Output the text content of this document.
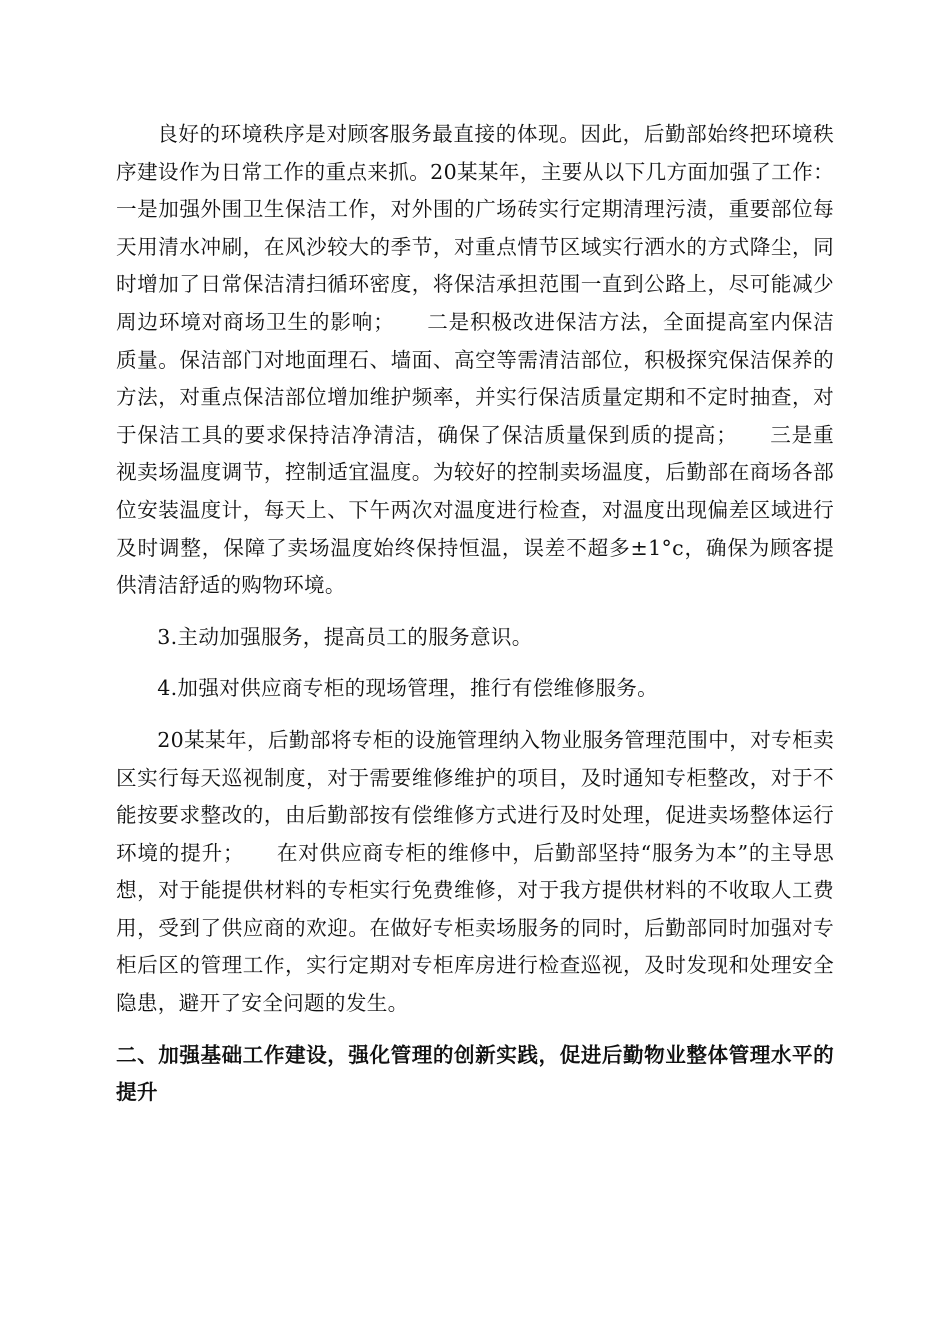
良好的环境秩序是对顾客服务最直接的体现。因此，后勤部始终把环境秩序建设作为日常工作的重点来抓。20某某年，主要从以下几方面加强了工作：一是加强外围卫生保洁工作，对外围的广场砖实行定期清理污渍，重要部位每天用清水冲刷，在风沙较大的季节，对重点情节区域实行洒水的方式降尘，同时增加了日常保洁清扫循环密度，将保洁承担范围一直到公路上，尽可能减少周边环境对商场卫生的影响；　　二是积极改进保洁方法，全面提高室内保洁质量。保洁部门对地面理石、墙面、高空等需清洁部位，积极探究保洁保养的方法，对重点保洁部位增加维护频率，并实行保洁质量定期和不定时抽查，对于保洁工具的要求保持洁净清洁，确保了保洁质量保到质的提高；　　三是重视卖场温度调节，控制适宜温度。为较好的控制卖场温度，后勤部在商场各部位安装温度计，每天上、下午两次对温度进行检查，对温度出现偏差区域进行及时调整，保障了卖场温度始终保持恒温，误差不超多±1°c，确保为顾客提供清洁舒适的购物环境。

3.主动加强服务，提高员工的服务意识。

4.加强对供应商专柜的现场管理，推行有偿维修服务。

20某某年，后勤部将专柜的设施管理纳入物业服务管理范围中，对专柜卖区实行每天巡视制度，对于需要维修维护的项目，及时通知专柜整改，对于不能按要求整改的，由后勤部按有偿维修方式进行及时处理，促进卖场整体运行环境的提升；　　在对供应商专柜的维修中，后勤部坚持“服务为本”的主导思想，对于能提供材料的专柜实行免费维修，对于我方提供材料的不收取人工费用，受到了供应商的欢迎。在做好专柜卖场服务的同时，后勤部同时加强对专柜后区的管理工作，实行定期对专柜库房进行检查巡视，及时发现和处理安全隐患，避开了安全问题的发生。

二、加强基础工作建设，强化管理的创新实践，促进后勤物业整体管理水平的提升
